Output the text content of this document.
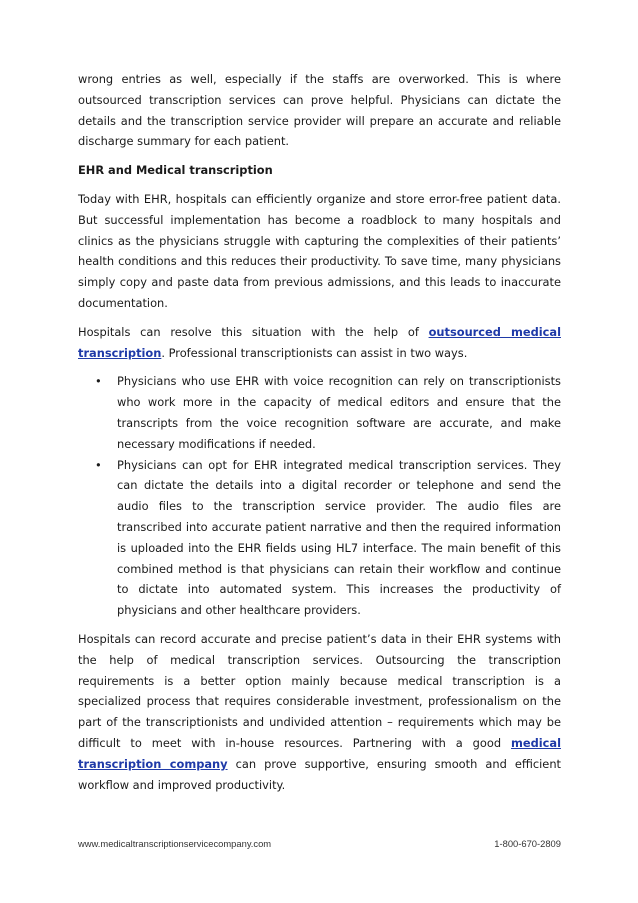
wrong entries as well, especially if the staffs are overworked. This is where outsourced transcription services can prove helpful. Physicians can dictate the details and the transcription service provider will prepare an accurate and reliable discharge summary for each patient.

EHR and Medical transcription

Today with EHR, hospitals can efficiently organize and store error-free patient data. But successful implementation has become a roadblock to many hospitals and clinics as the physicians struggle with capturing the complexities of their patients’ health conditions and this reduces their productivity. To save time, many physicians simply copy and paste data from previous admissions, and this leads to inaccurate documentation.

Hospitals can resolve this situation with the help of outsourced medical transcription. Professional transcriptionists can assist in two ways.

• Physicians who use EHR with voice recognition can rely on transcriptionists who work more in the capacity of medical editors and ensure that the transcripts from the voice recognition software are accurate, and make necessary modifications if needed.

• Physicians can opt for EHR integrated medical transcription services. They can dictate the details into a digital recorder or telephone and send the audio files to the transcription service provider. The audio files are transcribed into accurate patient narrative and then the required information is uploaded into the EHR fields using HL7 interface. The main benefit of this combined method is that physicians can retain their workflow and continue to dictate into automated system. This increases the productivity of physicians and other healthcare providers.

Hospitals can record accurate and precise patient’s data in their EHR systems with the help of medical transcription services. Outsourcing the transcription requirements is a better option mainly because medical transcription is a specialized process that requires considerable investment, professionalism on the part of the transcriptionists and undivided attention – requirements which may be difficult to meet with in-house resources. Partnering with a good medical transcription company can prove supportive, ensuring smooth and efficient workflow and improved productivity.

www.medicaltranscriptionservicecompany.com	1-800-670-2809
